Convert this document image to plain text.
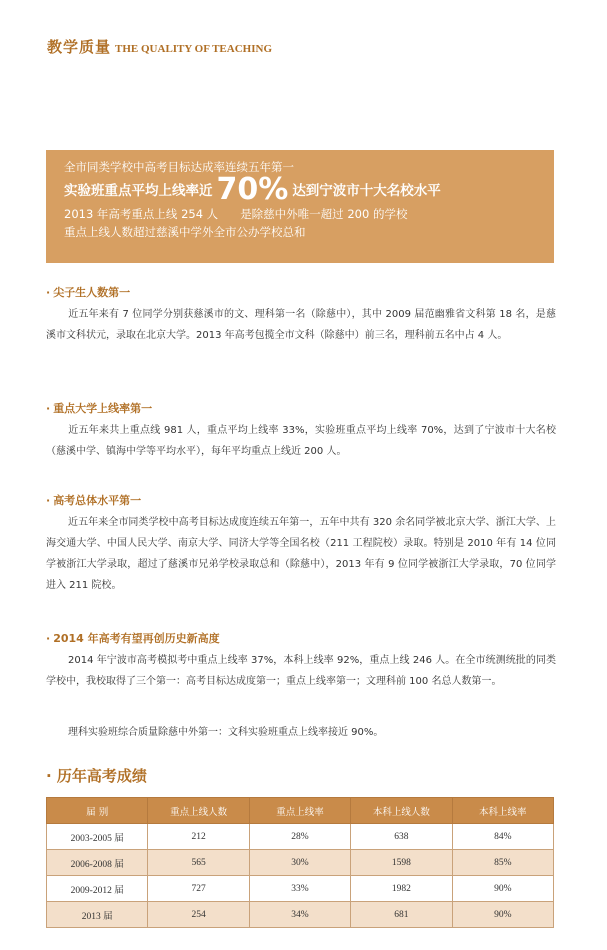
教学质量 THE QUALITY OF TEACHING
全市同类学校中高考目标达成率连续五年第一
实验班重点平均上线率近 70% 达到宁波市十大名校水平
2013 年高考重点上线 254 人 是除慈中外唯一超过 200 的学校
重点上线人数超过慈溪中学外全市公办学校总和
· 尖子生人数第一
近五年来有 7 位同学分别获慈溪市的文、理科第一名（除慈中），其中 2009 届范幽雅省文科第 18 名，是慈溪市文科状元，录取在北京大学。2013 年高考包揽全市文科（除慈中）前三名，理科前五名中占 4 人。
· 重点大学上线率第一
近五年来共上重点线 981 人，重点平均上线率 33%，实验班重点平均上线率 70%，达到了宁波市十大名校（慈溪中学、镇海中学等平均水平），每年平均重点上线近 200 人。
· 高考总体水平第一
近五年来全市同类学校中高考目标达成度连续五年第一，五年中共有 320 余名同学被北京大学、浙江大学、上海交通大学、中国人民大学、南京大学、同济大学等全国名校（211 工程院校）录取。特别是 2010 年有 14 位同学被浙江大学录取，超过了慈溪市兄弟学校录取总和（除慈中），2013 年有 9 位同学被浙江大学录取，70 位同学进入 211 院校。
· 2014 年高考有望再创历史新高度
2014 年宁波市高考模拟考中重点上线率 37%，本科上线率 92%，重点上线 246 人。在全市统测统批的同类学校中，我校取得了三个第一：高考目标达成度第一；重点上线率第一；文理科前 100 名总人数第一。
理科实验班综合质量除慈中外第一：文科实验班重点上线率接近 90%。
· 历年高考成绩
届 别	重点上线人数	重点上线率	本科上线人数	本科上线率
2003-2005 届	212	28%	638	84%
2006-2008 届	565	30%	1598	85%
2009-2012 届	727	33%	1982	90%
2013 届	254	34%	681	90%
